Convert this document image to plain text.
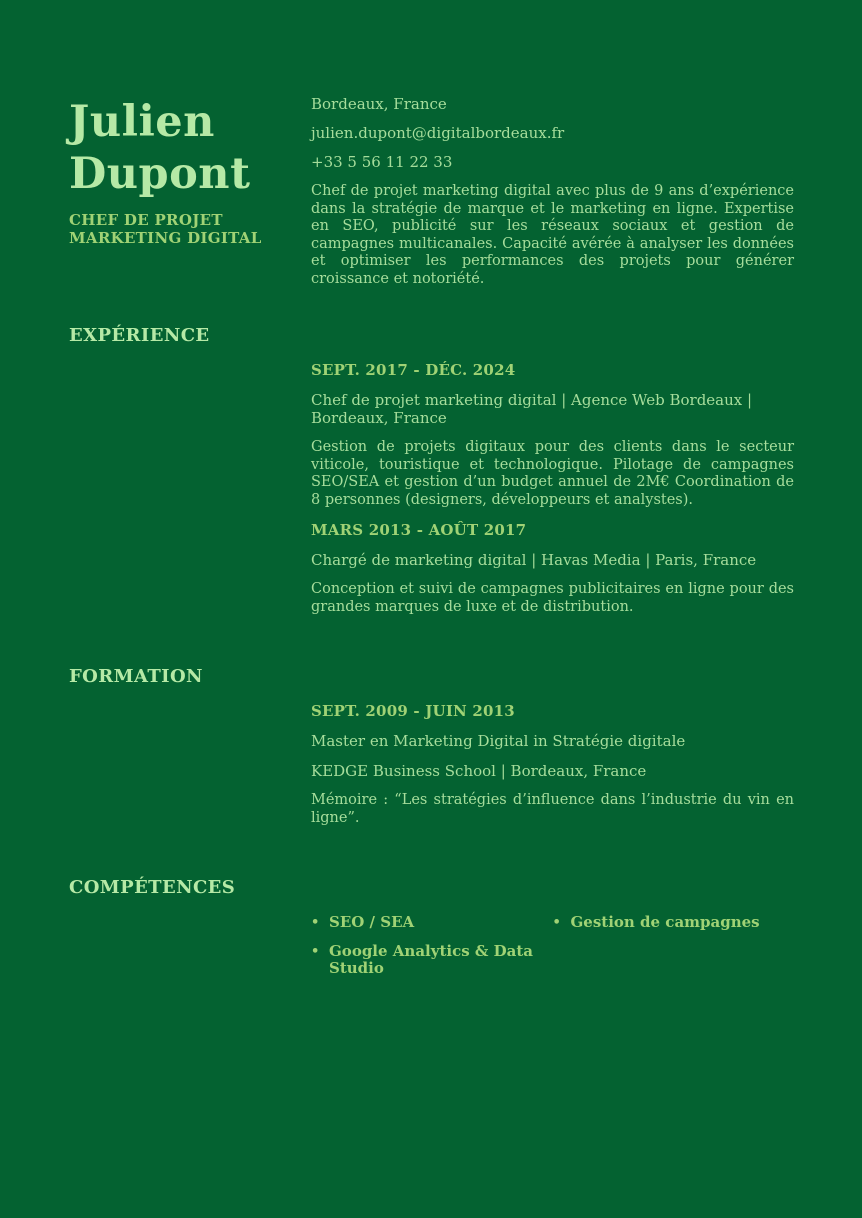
Julien Dupont
CHEF DE PROJET MARKETING DIGITAL

Bordeaux, France

julien.dupont@digitalbordeaux.fr

+33 5 56 11 22 33

Chef de projet marketing digital avec plus de 9 ans d’expérience dans la stratégie de marque et le marketing en ligne. Expertise en SEO, publicité sur les réseaux sociaux et gestion de campagnes multicanales. Capacité avérée à analyser les données et optimiser les performances des projets pour générer croissance et notoriété.

EXPÉRIENCE
SEPT. 2017 - DÉC. 2024

Chef de projet marketing digital | Agence Web Bordeaux | Bordeaux, France

Gestion de projets digitaux pour des clients dans le secteur viticole, touristique et technologique. Pilotage de campagnes SEO/SEA et gestion d’un budget annuel de 2M€ Coordination de 8 personnes (designers, développeurs et analystes).

MARS 2013 - AOÛT 2017

Chargé de marketing digital | Havas Media | Paris, France

Conception et suivi de campagnes publicitaires en ligne pour des grandes marques de luxe et de distribution.

FORMATION
SEPT. 2009 - JUIN 2013

Master en Marketing Digital in Stratégie digitale

KEDGE Business School | Bordeaux, France

Mémoire : “Les stratégies d’influence dans l’industrie du vin en ligne”.

COMPÉTENCES
• SEO / SEA	• Gestion de campagnes
• Google Analytics & Data Studio
